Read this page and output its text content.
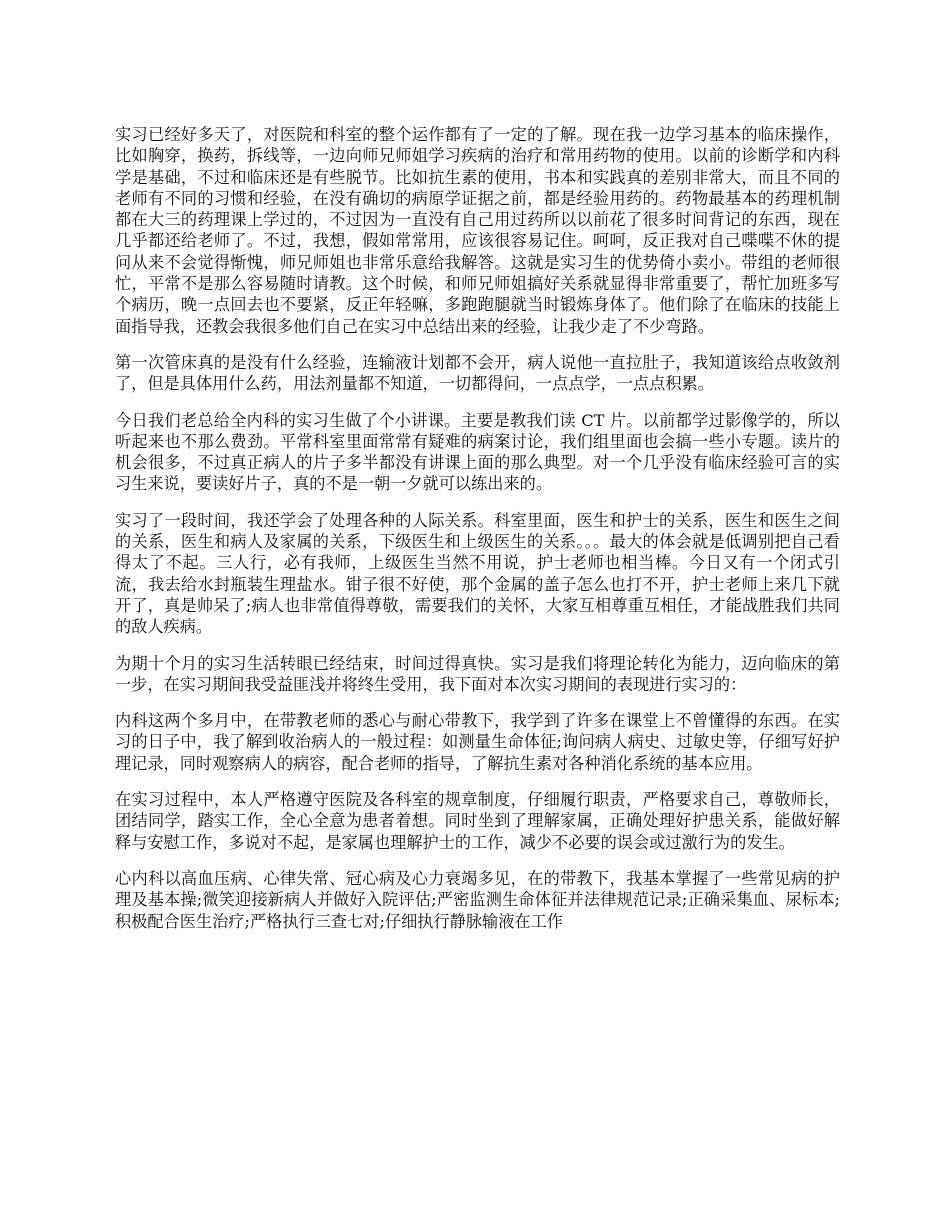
实习已经好多天了，对医院和科室的整个运作都有了一定的了解。现在我一边学习基本的临床操作，比如胸穿，换药，拆线等，一边向师兄师姐学习疾病的治疗和常用药物的使用。以前的诊断学和内科学是基础，不过和临床还是有些脱节。比如抗生素的使用，书本和实践真的差别非常大，而且不同的老师有不同的习惯和经验，在没有确切的病原学证据之前，都是经验用药的。药物最基本的药理机制都在大三的药理课上学过的，不过因为一直没有自己用过药所以以前花了很多时间背记的东西，现在几乎都还给老师了。不过，我想，假如常常用，应该很容易记住。呵呵，反正我对自己喋喋不休的提问从来不会觉得惭愧，师兄师姐也非常乐意给我解答。这就是实习生的优势倚小卖小。带组的老师很忙，平常不是那么容易随时请教。这个时候，和师兄师姐搞好关系就显得非常重要了，帮忙加班多写个病历，晚一点回去也不要紧，反正年轻嘛，多跑跑腿就当时锻炼身体了。他们除了在临床的技能上面指导我，还教会我很多他们自己在实习中总结出来的经验，让我少走了不少弯路。

第一次管床真的是没有什么经验，连输液计划都不会开，病人说他一直拉肚子，我知道该给点收敛剂了，但是具体用什么药，用法剂量都不知道，一切都得问，一点点学，一点点积累。

今日我们老总给全内科的实习生做了个小讲课。主要是教我们读 CT 片。以前都学过影像学的，所以听起来也不那么费劲。平常科室里面常常有疑难的病案讨论，我们组里面也会搞一些小专题。读片的机会很多，不过真正病人的片子多半都没有讲课上面的那么典型。对一个几乎没有临床经验可言的实习生来说，要读好片子，真的不是一朝一夕就可以练出来的。

实习了一段时间，我还学会了处理各种的人际关系。科室里面，医生和护士的关系，医生和医生之间的关系，医生和病人及家属的关系，下级医生和上级医生的关系。。。最大的体会就是低调别把自己看得太了不起。三人行，必有我师，上级医生当然不用说，护士老师也相当棒。今日又有一个闭式引流，我去给水封瓶装生理盐水。钳子很不好使，那个金属的盖子怎么也打不开，护士老师上来几下就开了，真是帅呆了;病人也非常值得尊敬，需要我们的关怀，大家互相尊重互相任，才能战胜我们共同的敌人疾病。

为期十个月的实习生活转眼已经结束，时间过得真快。实习是我们将理论转化为能力，迈向临床的第一步，在实习期间我受益匪浅并将终生受用，我下面对本次实习期间的表现进行实习的：

内科这两个多月中，在带教老师的悉心与耐心带教下，我学到了许多在课堂上不曾懂得的东西。在实习的日子中，我了解到收治病人的一般过程：如测量生命体征;询问病人病史、过敏史等，仔细写好护理记录，同时观察病人的病容，配合老师的指导，了解抗生素对各种消化系统的基本应用。

在实习过程中，本人严格遵守医院及各科室的规章制度，仔细履行职责，严格要求自己，尊敬师长，团结同学，踏实工作，全心全意为患者着想。同时坐到了理解家属，正确处理好护患关系，能做好解释与安慰工作，多说对不起，是家属也理解护士的工作，减少不必要的误会或过激行为的发生。

心内科以高血压病、心律失常、冠心病及心力衰竭多见，在的带教下，我基本掌握了一些常见病的护理及基本操;微笑迎接新病人并做好入院评估;严密监测生命体征并法律规范记录;正确采集血、尿标本;积极配合医生治疗;严格执行三查七对;仔细执行静脉输液在工作
